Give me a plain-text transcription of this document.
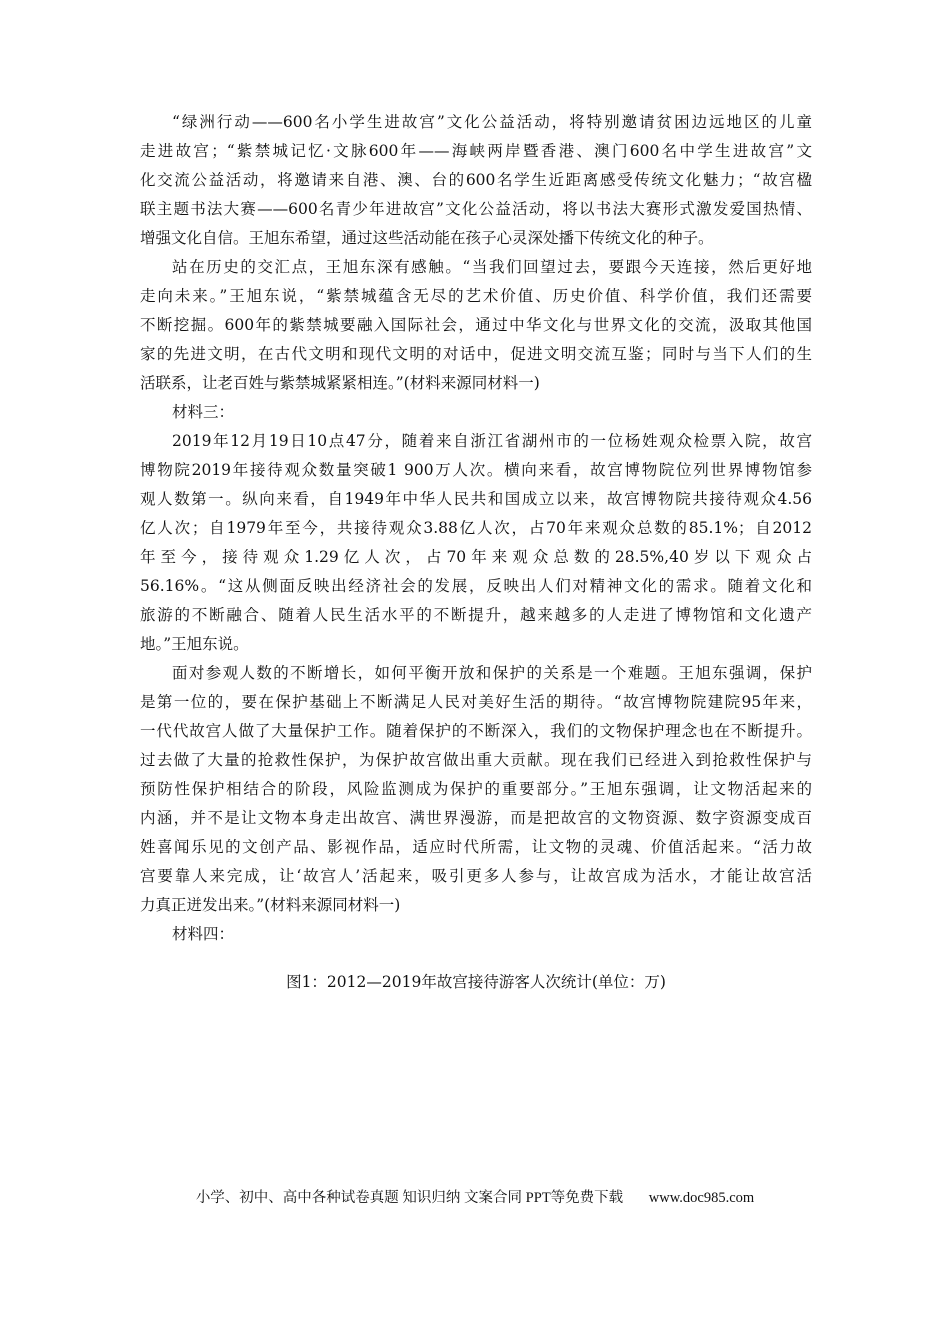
“绿洲行动——600名小学生进故宫”文化公益活动，将特别邀请贫困边远地区的儿童
走进故宫；“紫禁城记忆·文脉600年——海峡两岸暨香港、澳门600名中学生进故宫”文
化交流公益活动，将邀请来自港、澳、台的600名学生近距离感受传统文化魅力；“故宫楹
联主题书法大赛——600名青少年进故宫”文化公益活动，将以书法大赛形式激发爱国热情、
增强文化自信。王旭东希望，通过这些活动能在孩子心灵深处播下传统文化的种子。
站在历史的交汇点，王旭东深有感触。“当我们回望过去，要跟今天连接，然后更好地
走向未来。”王旭东说，“紫禁城蕴含无尽的艺术价值、历史价值、科学价值，我们还需要
不断挖掘。600年的紫禁城要融入国际社会，通过中华文化与世界文化的交流，汲取其他国
家的先进文明，在古代文明和现代文明的对话中，促进文明交流互鉴；同时与当下人们的生
活联系，让老百姓与紫禁城紧紧相连。”(材料来源同材料一)
材料三：
2019年12月19日10点47分，随着来自浙江省湖州市的一位杨姓观众检票入院，故宫
博物院2019年接待观众数量突破1 900万人次。横向来看，故宫博物院位列世界博物馆参
观人数第一。纵向来看，自1949年中华人民共和国成立以来，故宫博物院共接待观众4.56
亿人次；自1979年至今，共接待观众3.88亿人次，占70年来观众总数的85.1%；自2012
年至今，接待观众1.29亿人次，占70年来观众总数的28.5%,40岁以下观众占
56.16%。“这从侧面反映出经济社会的发展，反映出人们对精神文化的需求。随着文化和
旅游的不断融合、随着人民生活水平的不断提升，越来越多的人走进了博物馆和文化遗产
地。”王旭东说。
面对参观人数的不断增长，如何平衡开放和保护的关系是一个难题。王旭东强调，保护
是第一位的，要在保护基础上不断满足人民对美好生活的期待。“故宫博物院建院95年来，
一代代故宫人做了大量保护工作。随着保护的不断深入，我们的文物保护理念也在不断提升。
过去做了大量的抢救性保护，为保护故宫做出重大贡献。现在我们已经进入到抢救性保护与
预防性保护相结合的阶段，风险监测成为保护的重要部分。”王旭东强调，让文物活起来的
内涵，并不是让文物本身走出故宫、满世界漫游，而是把故宫的文物资源、数字资源变成百
姓喜闻乐见的文创产品、影视作品，适应时代所需，让文物的灵魂、价值活起来。“活力故
宫要靠人来完成，让‘故宫人’活起来，吸引更多人参与，让故宫成为活水，才能让故宫活
力真正迸发出来。”(材料来源同材料一)
材料四：
图1：2012—2019年故宫接待游客人次统计(单位：万)
小学、初中、高中各种试卷真题 知识归纳 文案合同 PPT等免费下载 www.doc985.com
